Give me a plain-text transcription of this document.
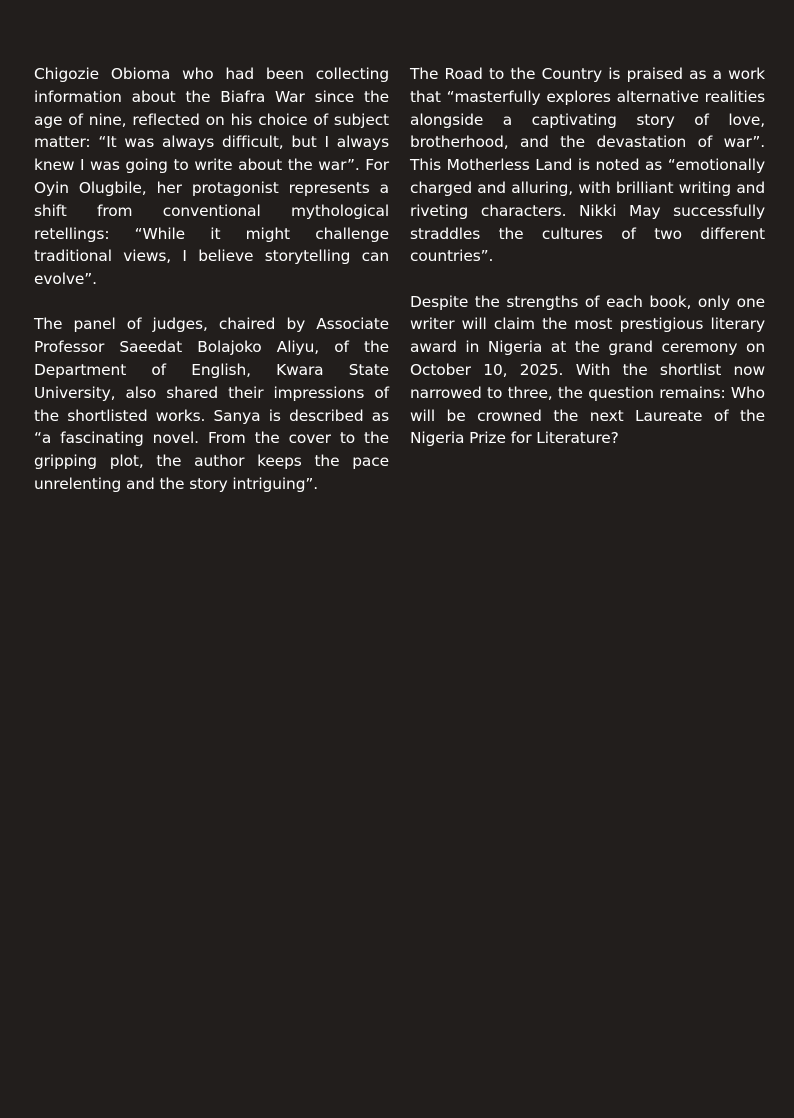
Chigozie Obioma who had been collecting information about the Biafra War since the age of nine, reflected on his choice of subject matter: “It was always difficult, but I always knew I was going to write about the war”. For Oyin Olugbile, her protagonist represents a shift from conventional mythological retellings: “While it might challenge traditional views, I believe storytelling can evolve”.

The panel of judges, chaired by Associate Professor Saeedat Bolajoko Aliyu, of the Department of English, Kwara State University, also shared their impressions of the shortlisted works. Sanya is described as “a fascinating novel. From the cover to the gripping plot, the author keeps the pace unrelenting and the story intriguing”.

The Road to the Country is praised as a work that “masterfully explores alternative realities alongside a captivating story of love, brotherhood, and the devastation of war”. This Motherless Land is noted as “emotionally charged and alluring, with brilliant writing and riveting characters. Nikki May successfully straddles the cultures of two different countries”.

Despite the strengths of each book, only one writer will claim the most prestigious literary award in Nigeria at the grand ceremony on October 10, 2025. With the shortlist now narrowed to three, the question remains: Who will be crowned the next Laureate of the Nigeria Prize for Literature?
